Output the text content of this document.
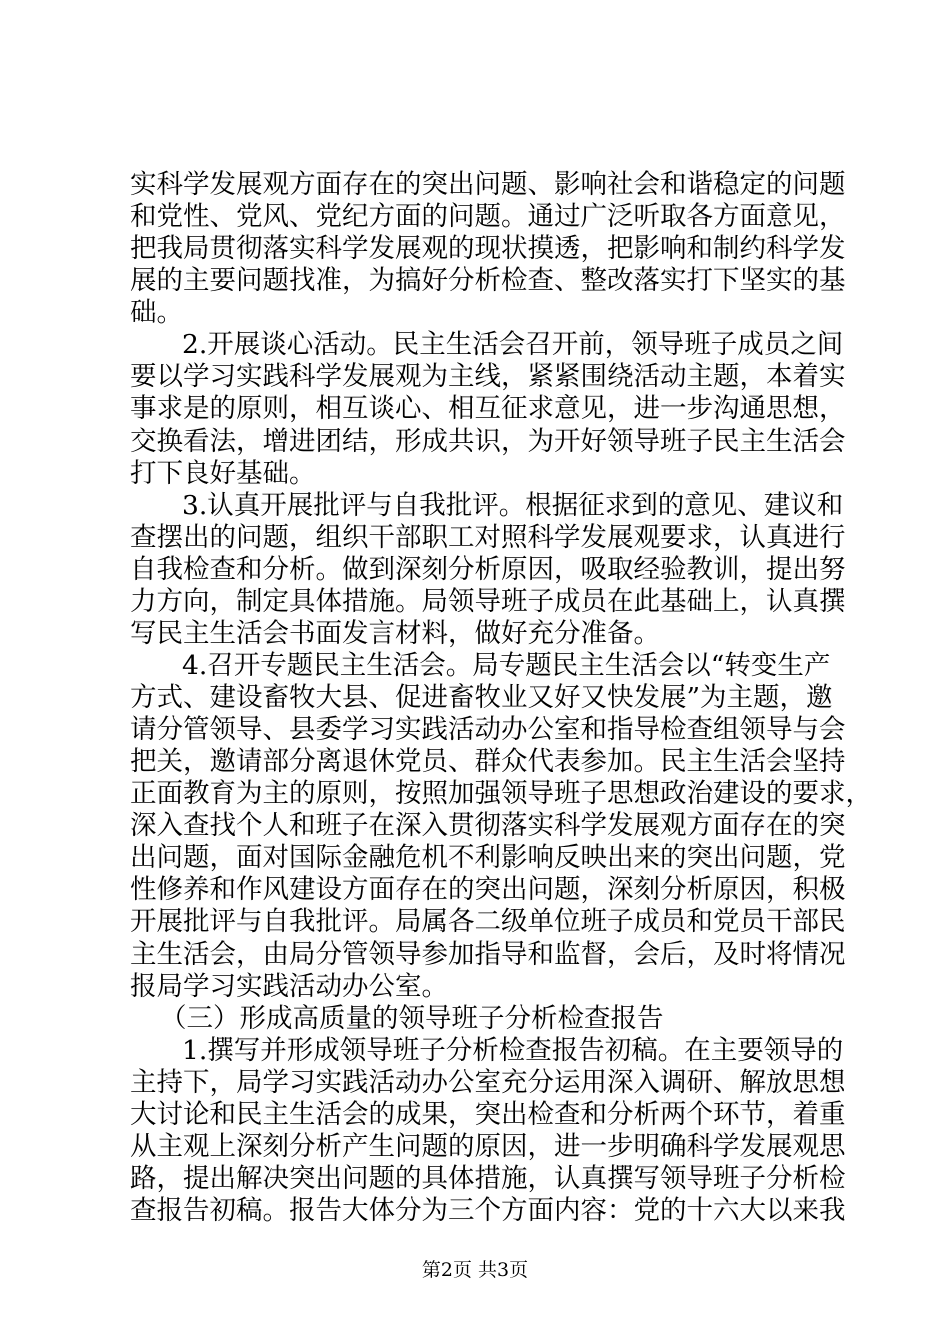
实科学发展观方面存在的突出问题、影响社会和谐稳定的问题
和党性、党风、党纪方面的问题。通过广泛听取各方面意见，
把我局贯彻落实科学发展观的现状摸透，把影响和制约科学发
展的主要问题找准，为搞好分析检查、整改落实打下坚实的基
础。
2.开展谈心活动。民主生活会召开前，领导班子成员之间
要以学习实践科学发展观为主线，紧紧围绕活动主题，本着实
事求是的原则，相互谈心、相互征求意见，进一步沟通思想，
交换看法，增进团结，形成共识，为开好领导班子民主生活会
打下良好基础。
3.认真开展批评与自我批评。根据征求到的意见、建议和
查摆出的问题，组织干部职工对照科学发展观要求，认真进行
自我检查和分析。做到深刻分析原因，吸取经验教训，提出努
力方向，制定具体措施。局领导班子成员在此基础上，认真撰
写民主生活会书面发言材料，做好充分准备。
4.召开专题民主生活会。局专题民主生活会以“转变生产
方式、建设畜牧大县、促进畜牧业又好又快发展”为主题，邀
请分管领导、县委学习实践活动办公室和指导检查组领导与会
把关，邀请部分离退休党员、群众代表参加。民主生活会坚持
正面教育为主的原则，按照加强领导班子思想政治建设的要求，
深入查找个人和班子在深入贯彻落实科学发展观方面存在的突
出问题，面对国际金融危机不利影响反映出来的突出问题，党
性修养和作风建设方面存在的突出问题，深刻分析原因，积极
开展批评与自我批评。局属各二级单位班子成员和党员干部民
主生活会，由局分管领导参加指导和监督，会后，及时将情况
报局学习实践活动办公室。
（三）形成高质量的领导班子分析检查报告
1.撰写并形成领导班子分析检查报告初稿。在主要领导的
主持下，局学习实践活动办公室充分运用深入调研、解放思想
大讨论和民主生活会的成果，突出检查和分析两个环节，着重
从主观上深刻分析产生问题的原因，进一步明确科学发展观思
路，提出解决突出问题的具体措施，认真撰写领导班子分析检
查报告初稿。报告大体分为三个方面内容：党的十六大以来我
第2页 共3页
